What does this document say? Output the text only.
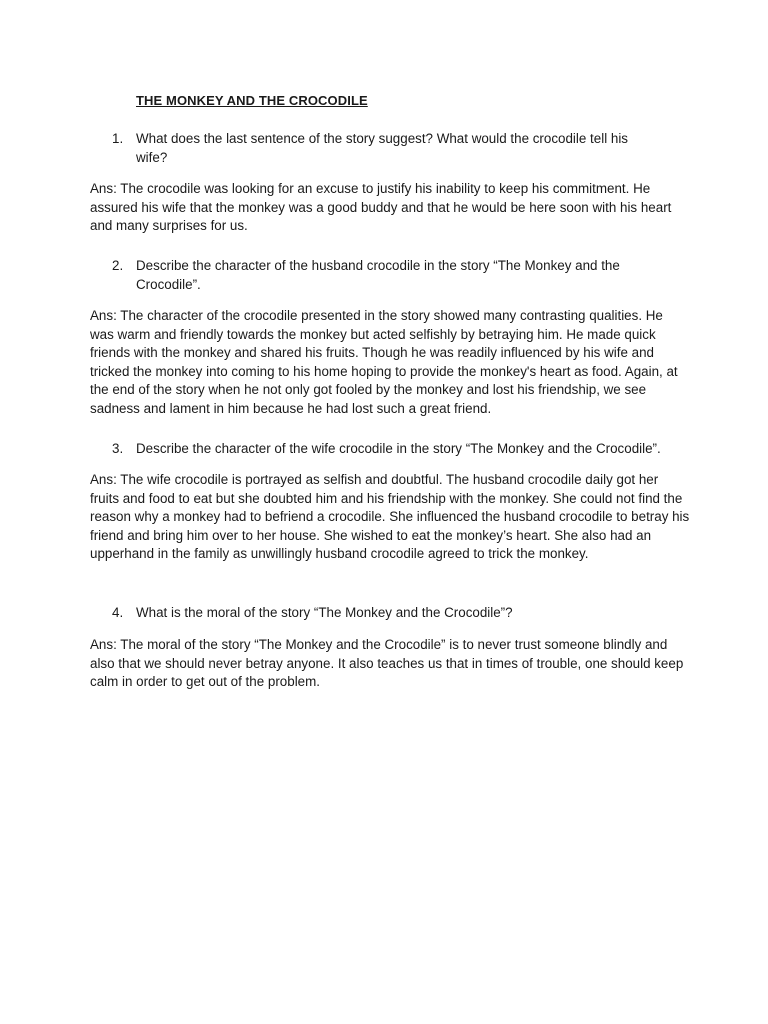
THE MONKEY AND THE CROCODILE
1. What does the last sentence of the story suggest? What would the crocodile tell his wife?

Ans: The crocodile was looking for an excuse to justify his inability to keep his commitment. He assured his wife that the monkey was a good buddy and that he would be here soon with his heart and many surprises for us.

2. Describe the character of the husband crocodile in the story “The Monkey and the Crocodile”.

Ans: The character of the crocodile presented in the story showed many contrasting qualities. He was warm and friendly towards the monkey but acted selfishly by betraying him. He made quick friends with the monkey and shared his fruits. Though he was readily influenced by his wife and tricked the monkey into coming to his home hoping to provide the monkey's heart as food. Again, at the end of the story when he not only got fooled by the monkey and lost his friendship, we see sadness and lament in him because he had lost such a great friend.

3. Describe the character of the wife crocodile in the story “The Monkey and the Crocodile”.

Ans: The wife crocodile is portrayed as selfish and doubtful. The husband crocodile daily got her fruits and food to eat but she doubted him and his friendship with the monkey. She could not find the reason why a monkey had to befriend a crocodile. She influenced the husband crocodile to betray his friend and bring him over to her house. She wished to eat the monkey’s heart. She also had an upperhand in the family as unwillingly husband crocodile agreed to trick the monkey.

4. What is the moral of the story “The Monkey and the Crocodile”?

Ans: The moral of the story “The Monkey and the Crocodile” is to never trust someone blindly and also that we should never betray anyone. It also teaches us that in times of trouble, one should keep calm in order to get out of the problem.
